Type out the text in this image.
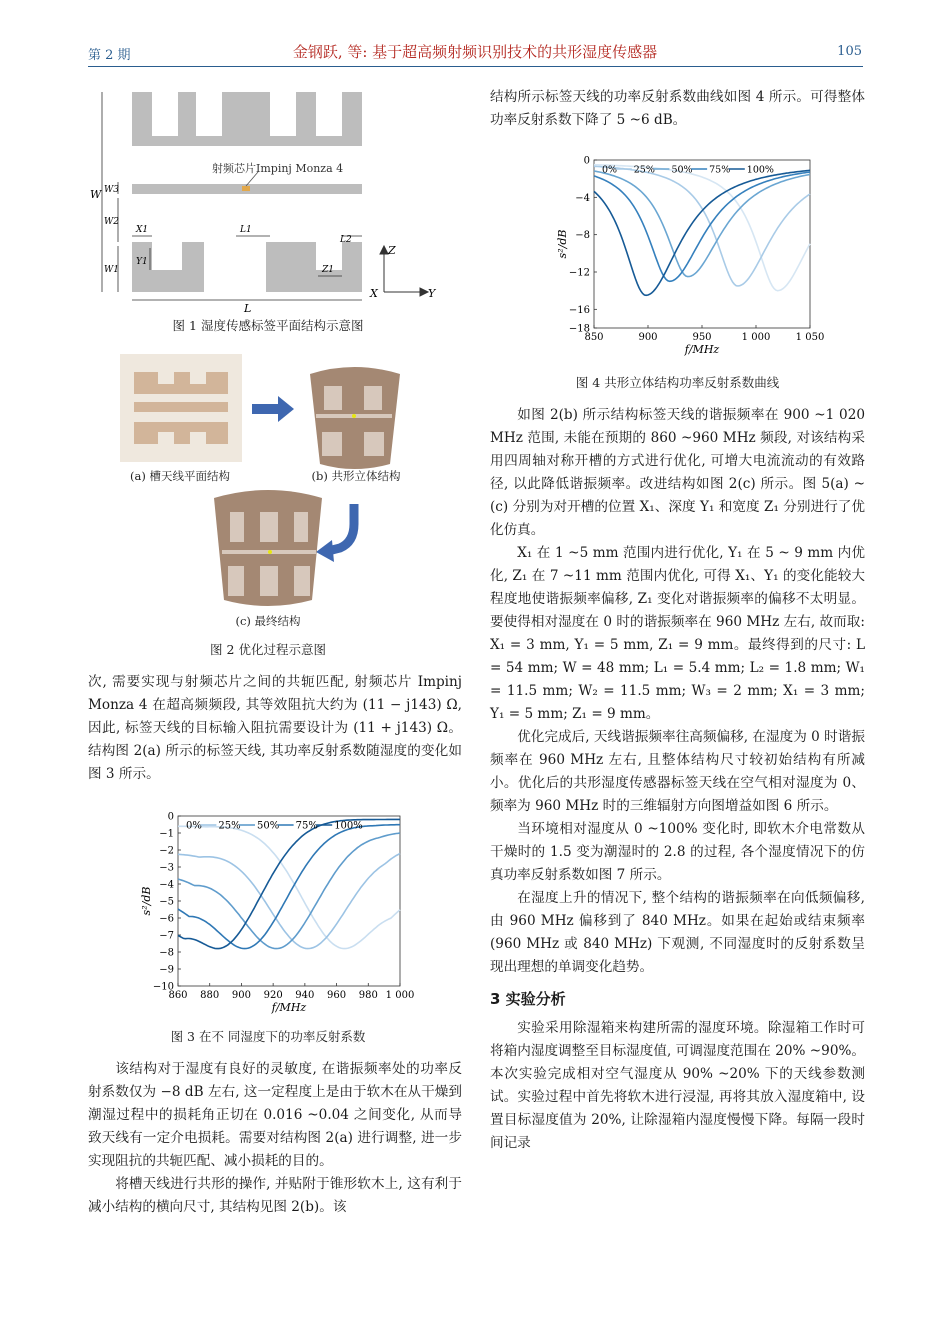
第 2 期	金钢跃, 等: 基于超高频射频识别技术的共形湿度传感器	105
射频芯片Impinj Monza 4
W W3
W2
W1
X1
Y1
L1
L2
Z1
L
Z
X	Y
图 1 湿度传感标签平面结构示意图
(a) 槽天线平面结构	(b) 共形立体结构
(c) 最终结构
图 2 优化过程示意图

次, 需要实现与射频芯片之间的共轭匹配, 射频芯片 Impinj Monza 4 在超高频频段, 其等效阻抗大约为 (11 − j143) Ω, 因此, 标签天线的目标输入阻抗需要设计为 (11 + j143) Ω。结构图 2(a) 所示的标签天线, 其功率反射系数随湿度的变化如图 3 所示。

860 880 900 920 940 960 980 1 000
0
−1
−2
−3
−4
−5
−6
−7
−8
−9
−10
f/MHz
s²/dB
0% 25% 50% 75% 100%
图 3 在不 同湿度下的功率反射系数

该结构对于湿度有良好的灵敏度, 在谐振频率处的功率反射系数仅为 −8 dB 左右, 这一定程度上是由于软木在从干燥到潮湿过程中的损耗角正切在 0.016 ~0.04 之间变化, 从而导致天线有一定介电损耗。需要对结构图 2(a) 进行调整, 进一步实现阻抗的共轭匹配、减小损耗的目的。

将槽天线进行共形的操作, 并贴附于锥形软木上, 这有利于减小结构的横向尺寸, 其结构见图 2(b)。该

结构所示标签天线的功率反射系数曲线如图 4 所示。可得整体功率反射系数下降了 5 ~6 dB。

850	900	950	1 000	1 050
0
−4
−8
−12
−16
−18
f/MHz
s²/dB
0% 25% 50% 75% 100%
图 4 共形立体结构功率反射系数曲线

如图 2(b) 所示结构标签天线的谐振频率在 900 ~1 020 MHz 范围, 未能在预期的 860 ~960 MHz 频段, 对该结构采用四周轴对称开槽的方式进行优化, 可增大电流流动的有效路径, 以此降低谐振频率。改进结构如图 2(c) 所示。图 5(a) ~(c) 分别为对开槽的位置 X₁、深度 Y₁ 和宽度 Z₁ 分别进行了优化仿真。

X₁ 在 1 ~5 mm 范围内进行优化, Y₁ 在 5 ~ 9 mm 内优化, Z₁ 在 7 ~11 mm 范围内优化, 可得 X₁、Y₁ 的变化能较大程度地使谐振频率偏移, Z₁ 变化对谐振频率的偏移不太明显。要使得相对湿度在 0 时的谐振频率在 960 MHz 左右, 故而取: X₁ = 3 mm, Y₁ = 5 mm, Z₁ = 9 mm。最终得到的尺寸: L = 54 mm; W = 48 mm; L₁ = 5.4 mm; L₂ = 1.8 mm; W₁ = 11.5 mm; W₂ = 11.5 mm; W₃ = 2 mm; X₁ = 3 mm; Y₁ = 5 mm; Z₁ = 9 mm。

优化完成后, 天线谐振频率往高频偏移, 在湿度为 0 时谐振频率在 960 MHz 左右, 且整体结构尺寸较初始结构有所减小。优化后的共形湿度传感器标签天线在空气相对湿度为 0、频率为 960 MHz 时的三维辐射方向图增益如图 6 所示。

当环境相对湿度从 0 ~100% 变化时, 即软木介电常数从干燥时的 1.5 变为潮湿时的 2.8 的过程, 各个湿度情况下的仿真功率反射系数如图 7 所示。

在湿度上升的情况下, 整个结构的谐振频率在向低频偏移, 由 960 MHz 偏移到了 840 MHz。如果在起始或结束频率 (960 MHz 或 840 MHz) 下观测, 不同湿度时的反射系数呈现出理想的单调变化趋势。

3 实验分析

实验采用除湿箱来构建所需的湿度环境。除湿箱工作时可将箱内湿度调整至目标湿度值, 可调湿度范围在 20% ~90%。本次实验完成相对空气湿度从 90% ~20% 下的天线参数测试。实验过程中首先将软木进行浸湿, 再将其放入湿度箱中, 设置目标湿度值为 20%, 让除湿箱内湿度慢慢下降。每隔一段时间记录
